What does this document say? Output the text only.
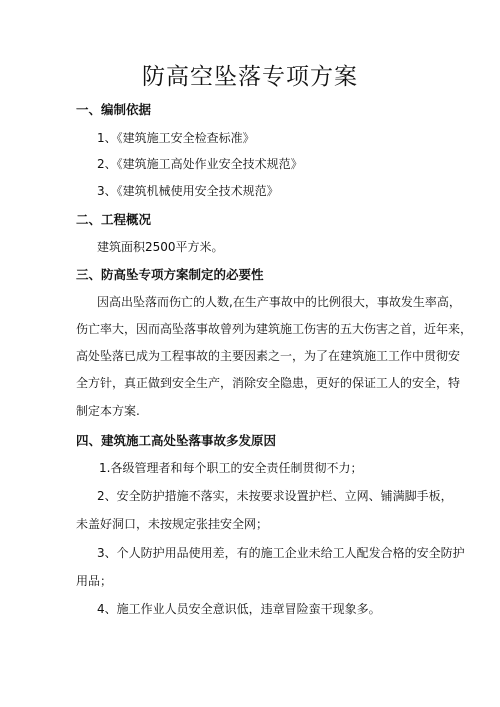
防高空坠落专项方案

一、编制依据

1、《建筑施工安全检查标准》

2、《建筑施工高处作业安全技术规范》

3、《建筑机械使用安全技术规范》

二、工程概况

建筑面积2500平方米。

三、防高坠专项方案制定的必要性

因高出坠落而伤亡的人数,在生产事故中的比例很大，事故发生率高，

伤亡率大，因而高坠落事故曾列为建筑施工伤害的五大伤害之首，近年来，

高处坠落已成为工程事故的主要因素之一，为了在建筑施工工作中贯彻安

全方针，真正做到安全生产，消除安全隐患，更好的保证工人的安全，特

制定本方案.

四、建筑施工高处坠落事故多发原因

1.各级管理者和每个职工的安全责任制贯彻不力；

2、安全防护措施不落实，未按要求设置护栏、立网、铺满脚手板，

未盖好洞口，未按规定张挂安全网；

3、个人防护用品使用差，有的施工企业未给工人配发合格的安全防护

用品；

4、施工作业人员安全意识低，违章冒险蛮干现象多。
